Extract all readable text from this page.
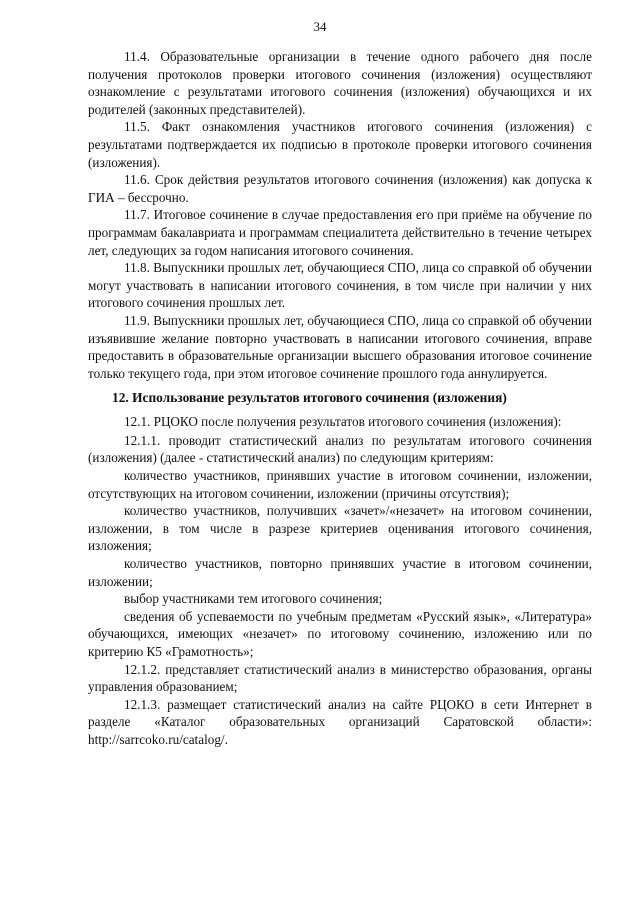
34

11.4. Образовательные организации в течение одного рабочего дня после получения протоколов проверки итогового сочинения (изложения) осуществляют ознакомление с результатами итогового сочинения (изложения) обучающихся и их родителей (законных представителей).

11.5. Факт ознакомления участников итогового сочинения (изложения) с результатами подтверждается их подписью в протоколе проверки итогового сочинения (изложения).

11.6. Срок действия результатов итогового сочинения (изложения) как допуска к ГИА – бессрочно.

11.7. Итоговое сочинение в случае предоставления его при приёме на обучение по программам бакалавриата и программам специалитета действительно в течение четырех лет, следующих за годом написания итогового сочинения.

11.8. Выпускники прошлых лет, обучающиеся СПО, лица со справкой об обучении могут участвовать в написании итогового сочинения, в том числе при наличии у них итогового сочинения прошлых лет.

11.9. Выпускники прошлых лет, обучающиеся СПО, лица со справкой об обучении изъявившие желание повторно участвовать в написании итогового сочинения, вправе предоставить в образовательные организации высшего образования итоговое сочинение только текущего года, при этом итоговое сочинение прошлого года аннулируется.

12. Использование результатов итогового сочинения (изложения)

12.1. РЦОКО после получения результатов итогового сочинения (изложения):

12.1.1. проводит статистический анализ по результатам итогового сочинения (изложения) (далее - статистический анализ) по следующим критериям:

количество участников, принявших участие в итоговом сочинении, изложении, отсутствующих на итоговом сочинении, изложении (причины отсутствия);

количество участников, получивших «зачет»/«незачет» на итоговом сочинении, изложении, в том числе в разрезе критериев оценивания итогового сочинения, изложения;

количество участников, повторно принявших участие в итоговом сочинении, изложении;

выбор участниками тем итогового сочинения;

сведения об успеваемости по учебным предметам «Русский язык», «Литература» обучающихся, имеющих «незачет» по итоговому сочинению, изложению или по критерию К5 «Грамотность»;

12.1.2. представляет статистический анализ в министерство образования, органы управления образованием;

12.1.3. размещает статистический анализ на сайте РЦОКО в сети Интернет в разделе «Каталог образовательных организаций Саратовской области»: http://sarrcoko.ru/catalog/.
